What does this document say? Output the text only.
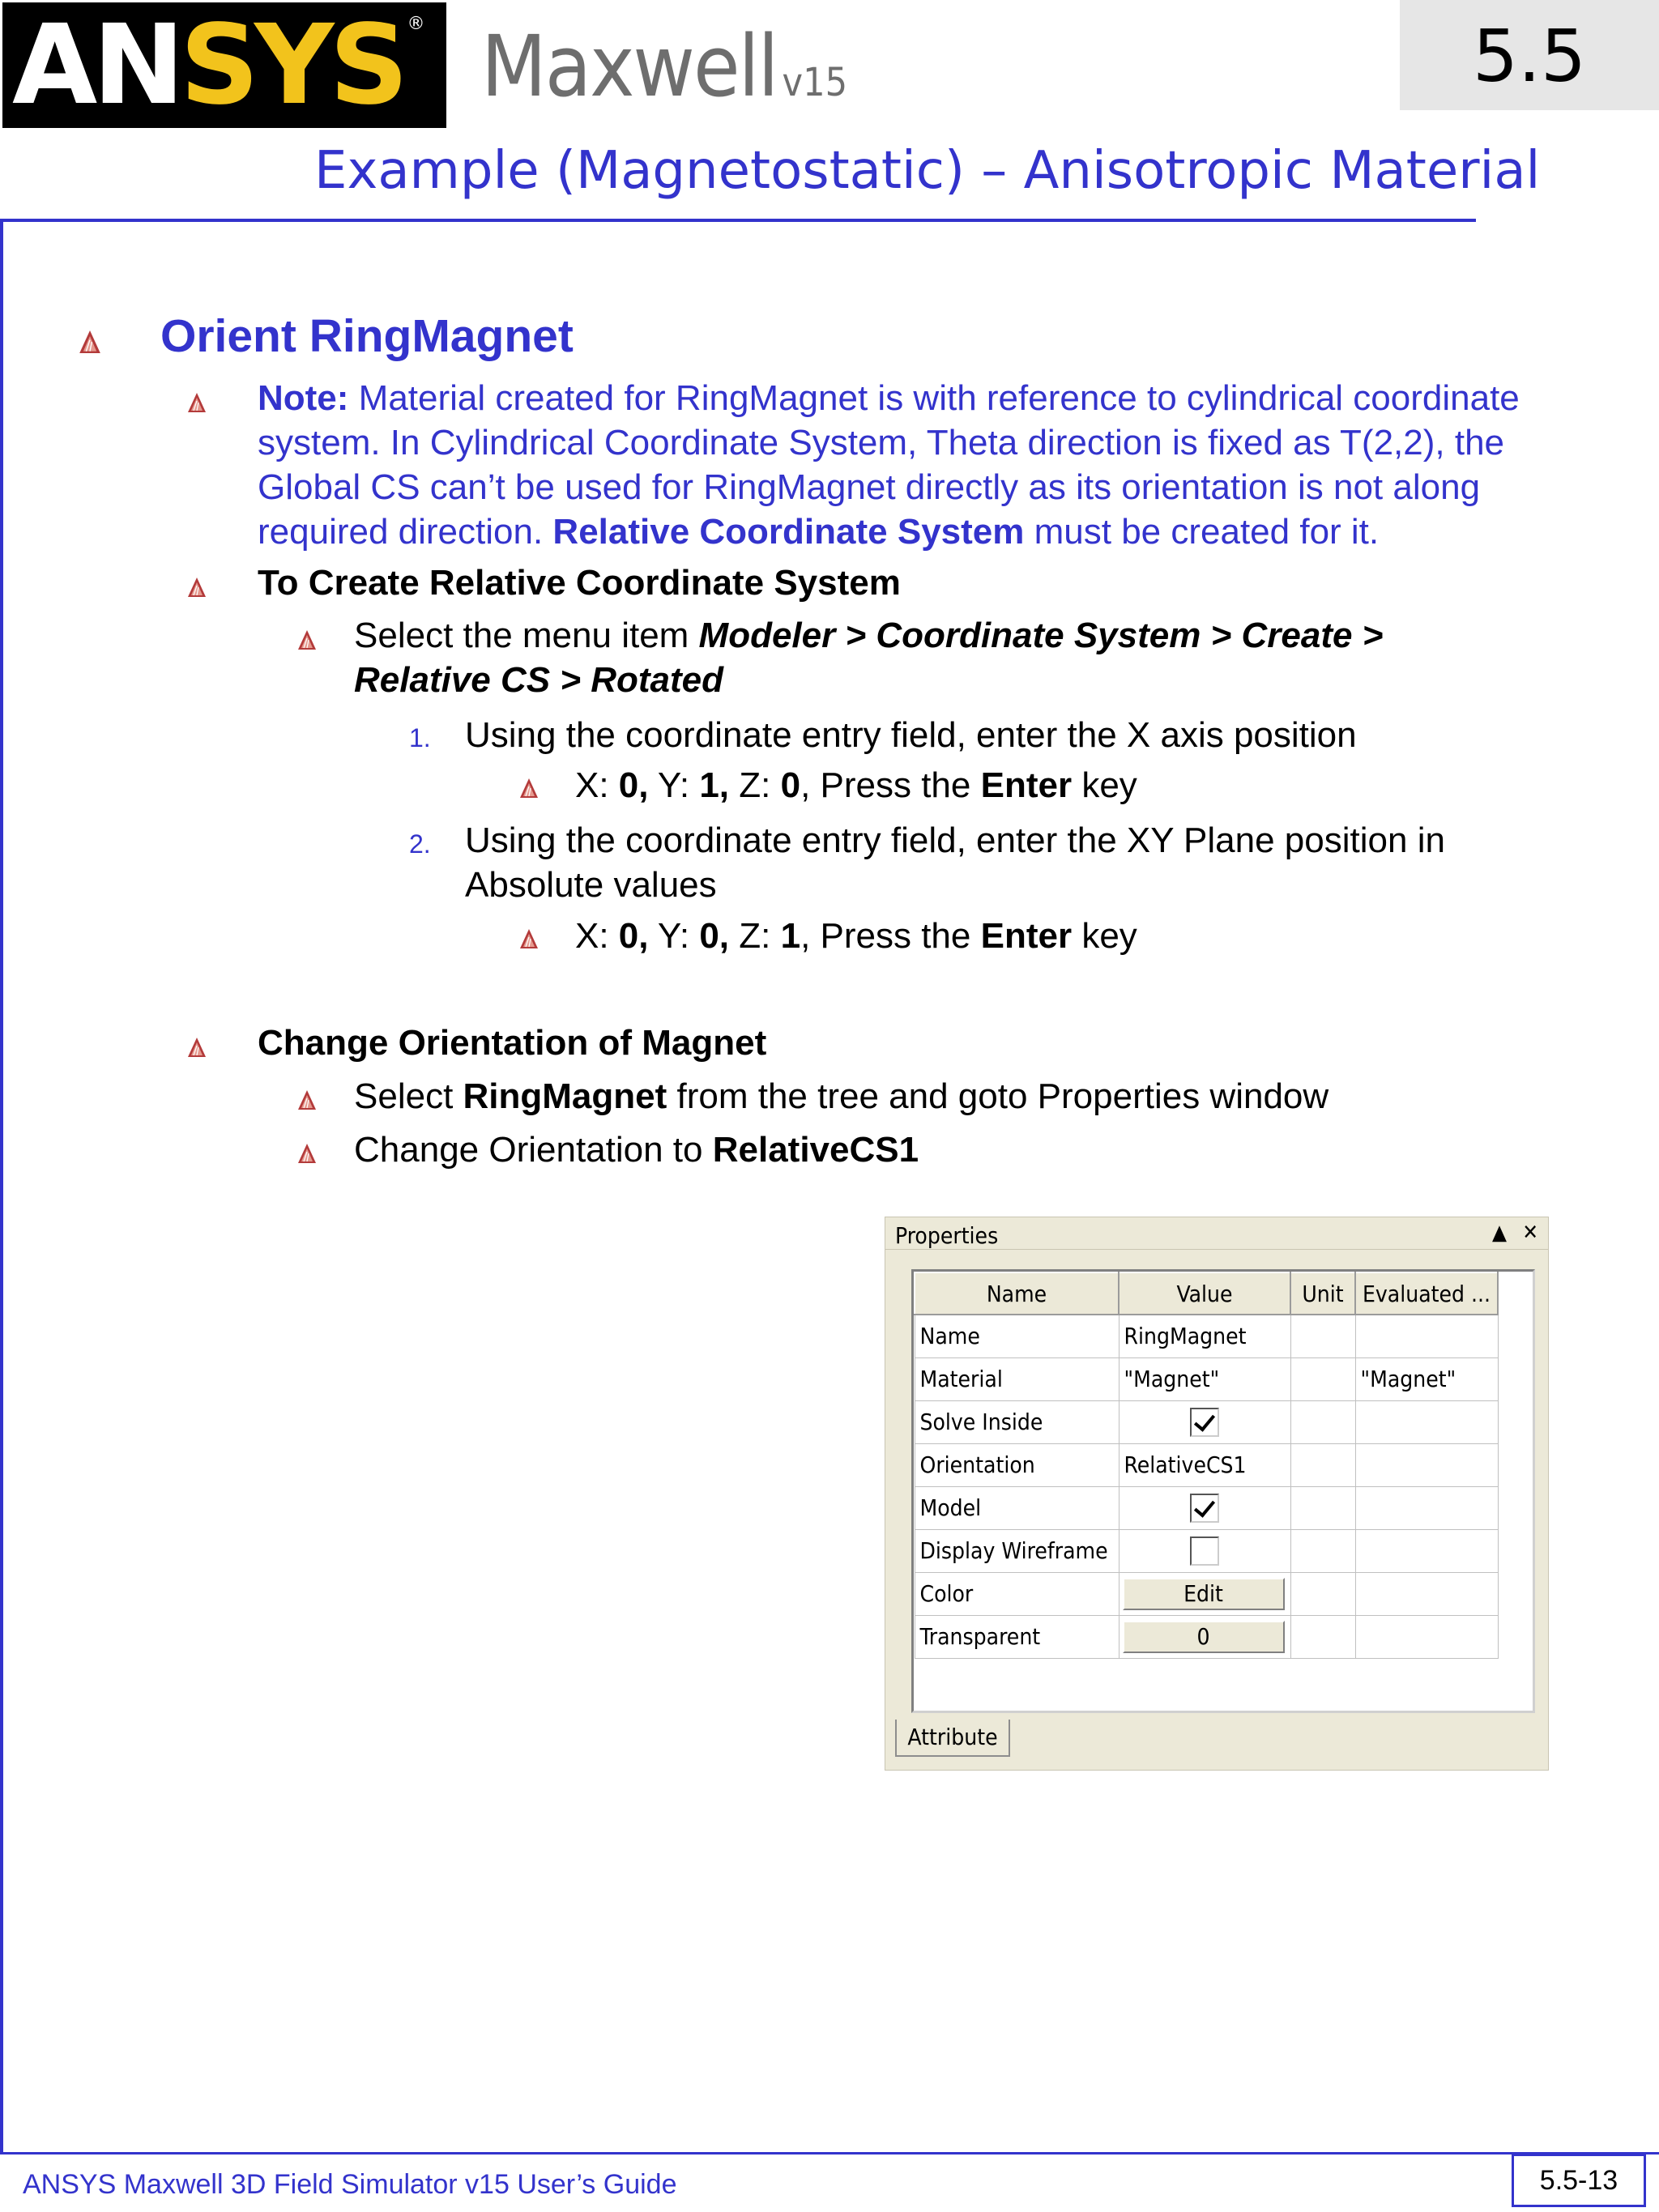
AN SYS ® Maxwell v15	5.5
Example (Magnetostatic) – Anisotropic Material
Orient RingMagnet
Note: Material created for RingMagnet is with reference to cylindrical coordinate
system. In Cylindrical Coordinate System, Theta direction is fixed as T(2,2), the
Global CS can’t be used for RingMagnet directly as its orientation is not along
required direction. Relative Coordinate System must be created for it.
To Create Relative Coordinate System
Select the menu item Modeler > Coordinate System > Create >
Relative CS > Rotated
1. Using the coordinate entry field, enter the X axis position
X: 0, Y: 1, Z: 0, Press the Enter key
2. Using the coordinate entry field, enter the XY Plane position in
Absolute values
X: 0, Y: 0, Z: 1, Press the Enter key
Change Orientation of Magnet
Select RingMagnet from the tree and goto Properties window
Change Orientation to RelativeCS1
Properties	▲ ✕
Name	Value	Unit	Evaluated ...
Name	RingMagnet		
Material	"Magnet"		"Magnet"
Solve Inside			
Orientation	RelativeCS1		
Model			
Display Wireframe			
Color	Edit		

Transparent	0		

Attribute
ANSYS Maxwell 3D Field Simulator v15 User’s Guide	5.5-13
